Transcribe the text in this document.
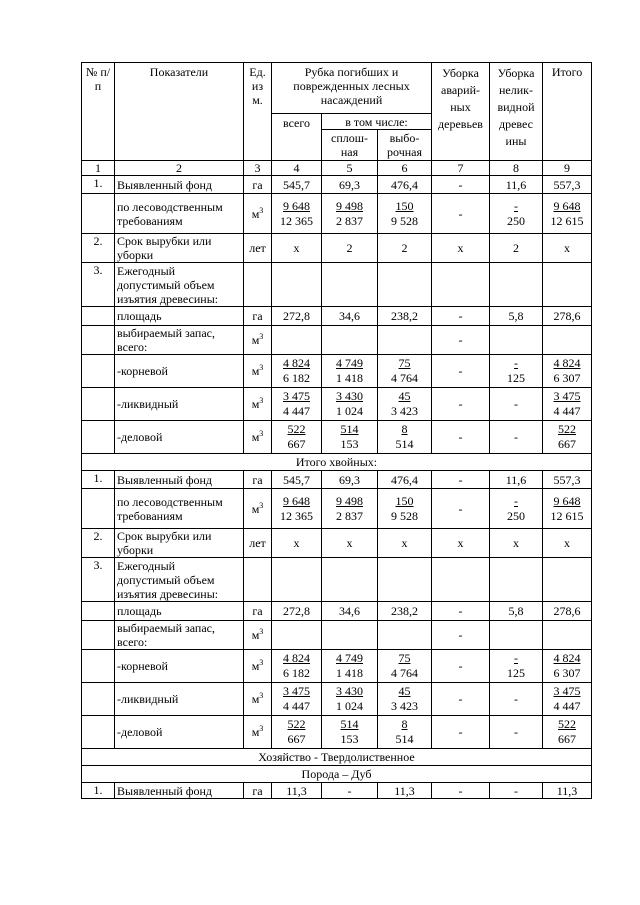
№ п/п	Показатели	Ед. из м.	Рубка погибших и поврежденных лесных насаждений			Уборка аварий-ных деревьев	Уборка нелик-видной древес ины	Итого
			всего	в том числе:				
				сплош-ная	выбо-рочная			
1	2	3	4	5	6	7	8	9
1.	Выявленный фонд	га	545,7	69,3	476,4	-	11,6	557,3
	по лесоводственным требованиям	$м^3$	$\frac{9 648}{12 365}$	$\frac{9 498}{2 837}$	$\frac{150}{9 528}$	-	$\frac{-}{250}$	$\frac{9 648}{12 615}$

2.	Срок вырубки или уборки	лет	х	2	2	х	2	х
3.	Ежегодный допустимый объем изъятия древесины:							
	площадь	га	272,8	34,6	238,2	-	5,8	278,6
	выбираемый запас, всего:	$м^3$				-		
	-корневой	$м^3$	$\frac{4 824}{6 182}$	$\frac{4 749}{1 418}$	$\frac{75}{4 764}$	-	$\frac{-}{125}$	$\frac{4 824}{6 307}$

	-ликвидный	$м^3$	$\frac{3 475}{4 447}$	$\frac{3 430}{1 024}$	$\frac{45}{3 423}$	-	-	$\frac{3 475}{4 447}$

	-деловой	$м^3$	$\frac{522}{667}$	$\frac{514}{153}$	$\frac{8}{514}$	-	-	$\frac{522}{667}$

Итого хвойных:								
1.	Выявленный фонд	га	545,7	69,3	476,4	-	11,6	557,3
	по лесоводственным требованиям	$м^3$	$\frac{9 648}{12 365}$	$\frac{9 498}{2 837}$	$\frac{150}{9 528}$	-	$\frac{-}{250}$	$\frac{9 648}{12 615}$

2.	Срок вырубки или уборки	лет	х	х	х	х	х	х
3.	Ежегодный допустимый объем изъятия древесины:							
	площадь	га	272,8	34,6	238,2	-	5,8	278,6
	выбираемый запас, всего:	$м^3$				-		
	-корневой	$м^3$	$\frac{4 824}{6 182}$	$\frac{4 749}{1 418}$	$\frac{75}{4 764}$	-	$\frac{-}{125}$	$\frac{4 824}{6 307}$

	-ликвидный	$м^3$	$\frac{3 475}{4 447}$	$\frac{3 430}{1 024}$	$\frac{45}{3 423}$	-	-	$\frac{3 475}{4 447}$

	-деловой	$м^3$	$\frac{522}{667}$	$\frac{514}{153}$	$\frac{8}{514}$	-	-	$\frac{522}{667}$

Хозяйство - Твердолиственное								
Порода – Дуб								
1.	Выявленный фонд	га	11,3	-	11,3	-	-	11,3
